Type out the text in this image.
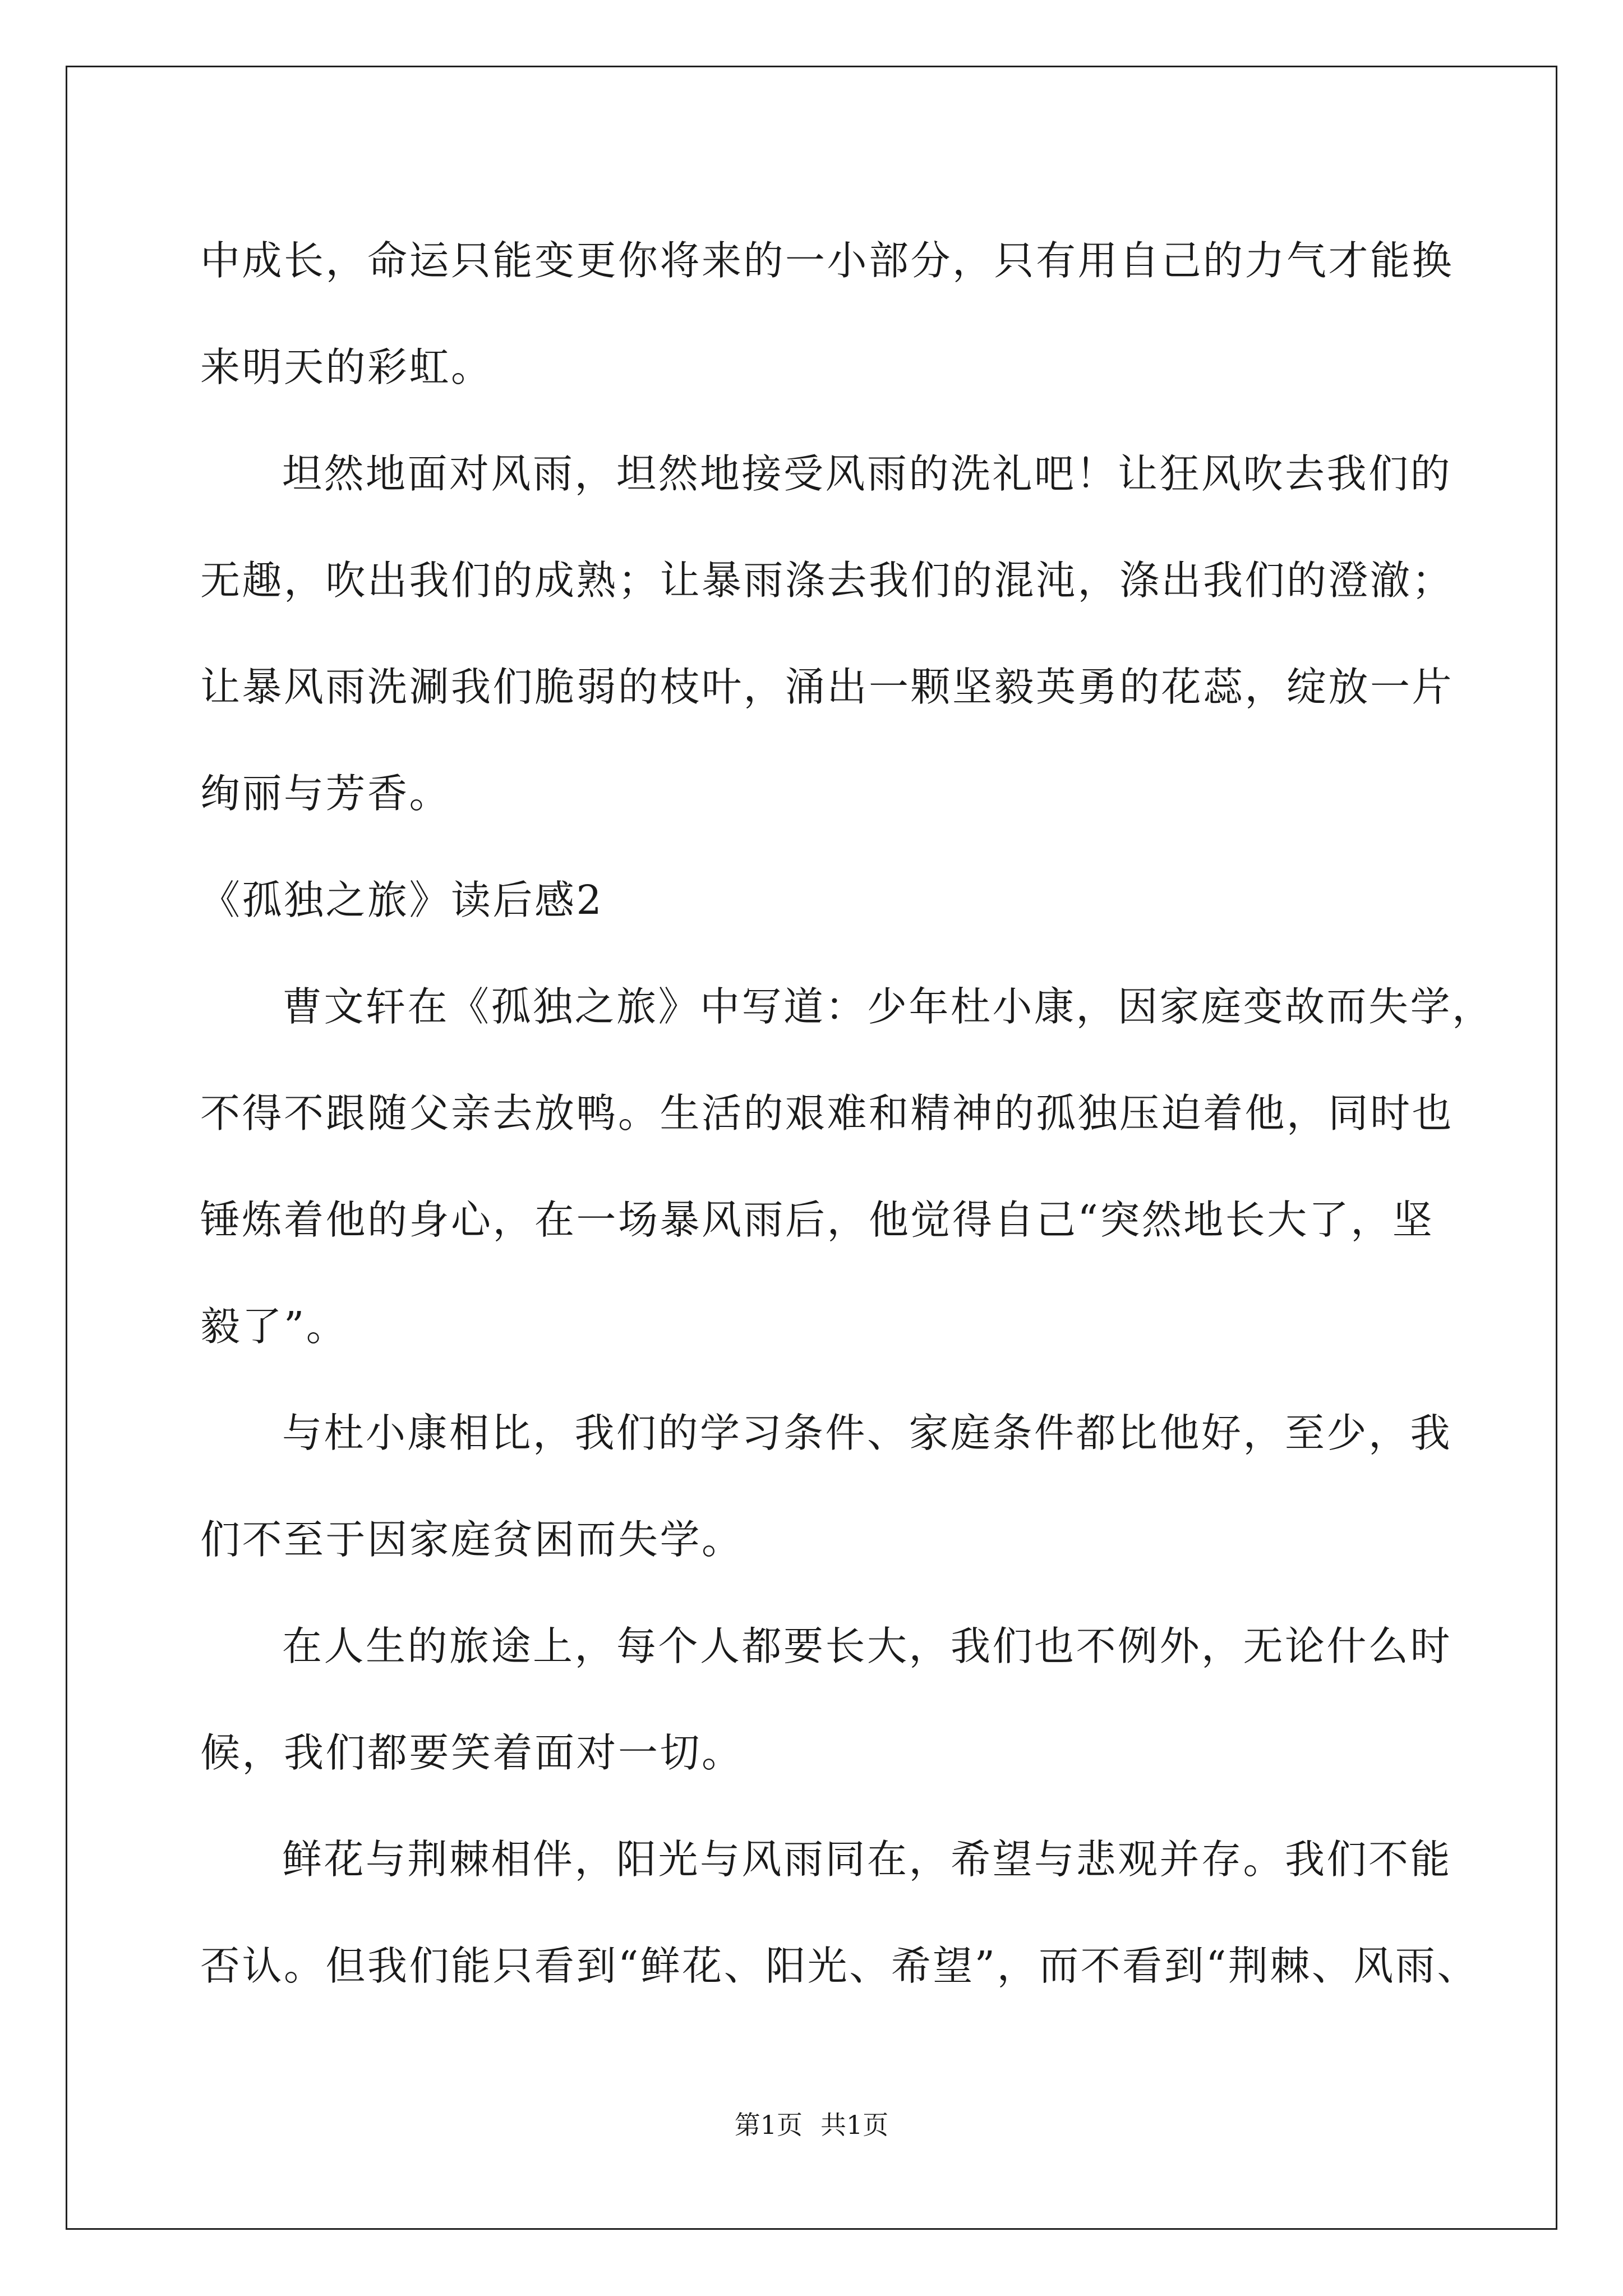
中成长，命运只能变更你将来的一小部分，只有用自己的力气才能换
来明天的彩虹。
坦然地面对风雨，坦然地接受风雨的洗礼吧！让狂风吹去我们的
无趣，吹出我们的成熟；让暴雨涤去我们的混沌，涤出我们的澄澈；
让暴风雨洗涮我们脆弱的枝叶，涌出一颗坚毅英勇的花蕊，绽放一片
绚丽与芳香。
《孤独之旅》读后感2
曹文轩在《孤独之旅》中写道：少年杜小康，因家庭变故而失学，
不得不跟随父亲去放鸭。生活的艰难和精神的孤独压迫着他，同时也
锤炼着他的身心，在一场暴风雨后，他觉得自己“突然地长大了，坚
毅了”。
与杜小康相比，我们的学习条件、家庭条件都比他好，至少，我
们不至于因家庭贫困而失学。
在人生的旅途上，每个人都要长大，我们也不例外，无论什么时
候，我们都要笑着面对一切。
鲜花与荆棘相伴，阳光与风雨同在，希望与悲观并存。我们不能
否认。但我们能只看到“鲜花、阳光、希望”，而不看到“荆棘、风雨、
第1页 共1页
